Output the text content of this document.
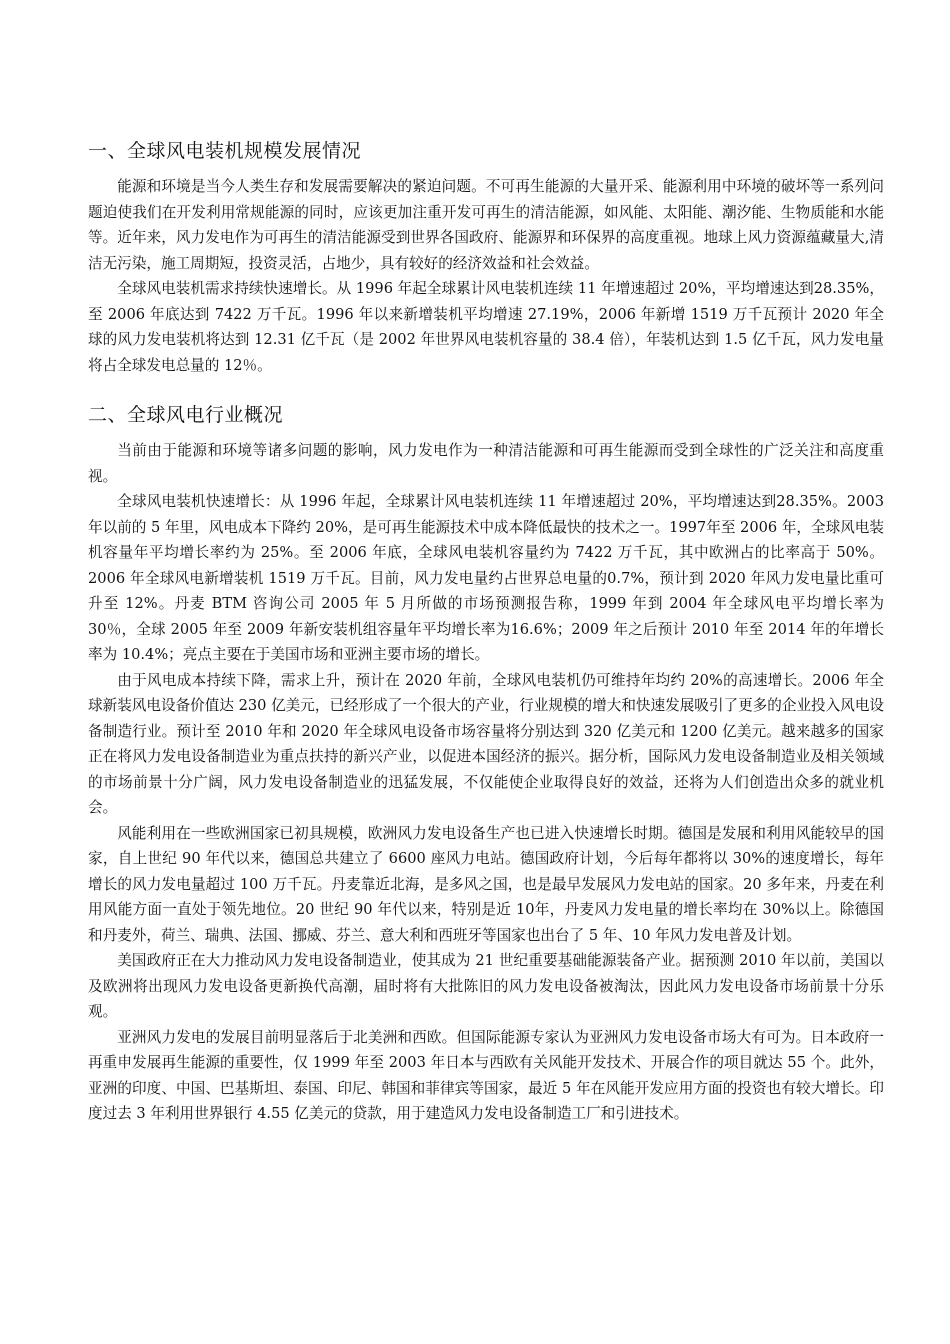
一、全球风电装机规模发展情况

能源和环境是当今人类生存和发展需要解决的紧迫问题。不可再生能源的大量开采、能源利用中环境的破坏等一系列问题迫使我们在开发利用常规能源的同时，应该更加注重开发可再生的清洁能源，如风能、太阳能、潮汐能、生物质能和水能等。近年来，风力发电作为可再生的清洁能源受到世界各国政府、能源界和环保界的高度重视。地球上风力资源蕴藏量大,清洁无污染，施工周期短，投资灵活，占地少，具有较好的经济效益和社会效益。

全球风电装机需求持续快速增长。从 1996 年起全球累计风电装机连续 11 年增速超过 20%，平均增速达到28.35%，至 2006 年底达到 7422 万千瓦。1996 年以来新增装机平均增速 27.19%，2006 年新增 1519 万千瓦预计 2020 年全球的风力发电装机将达到 12.31 亿千瓦（是 2002 年世界风电装机容量的 38.4 倍），年装机达到 1.5 亿千瓦，风力发电量将占全球发电总量的 12％。

二、全球风电行业概况

当前由于能源和环境等诸多问题的影响，风力发电作为一种清洁能源和可再生能源而受到全球性的广泛关注和高度重视。

全球风电装机快速增长：从 1996 年起，全球累计风电装机连续 11 年增速超过 20%，平均增速达到28.35%。2003 年以前的 5 年里，风电成本下降约 20%，是可再生能源技术中成本降低最快的技术之一。1997年至 2006 年，全球风电装机容量年平均增长率约为 25%。至 2006 年底，全球风电装机容量约为 7422 万千瓦，其中欧洲占的比率高于 50%。2006 年全球风电新增装机 1519 万千瓦。目前，风力发电量约占世界总电量的0.7%，预计到 2020 年风力发电量比重可升至 12%。丹麦 BTM 咨询公司 2005 年 5 月所做的市场预测报告称，1999 年到 2004 年全球风电平均增长率为 30％，全球 2005 年至 2009 年新安装机组容量年平均增长率为16.6%；2009 年之后预计 2010 年至 2014 年的年增长率为 10.4%；亮点主要在于美国市场和亚洲主要市场的增长。

由于风电成本持续下降，需求上升，预计在 2020 年前，全球风电装机仍可维持年均约 20%的高速增长。2006 年全球新装风电设备价值达 230 亿美元，已经形成了一个很大的产业，行业规模的增大和快速发展吸引了更多的企业投入风电设备制造行业。预计至 2010 年和 2020 年全球风电设备市场容量将分别达到 320 亿美元和 1200 亿美元。越来越多的国家正在将风力发电设备制造业为重点扶持的新兴产业，以促进本国经济的振兴。据分析，国际风力发电设备制造业及相关领域的市场前景十分广阔，风力发电设备制造业的迅猛发展，不仅能使企业取得良好的效益，还将为人们创造出众多的就业机会。

风能利用在一些欧洲国家已初具规模，欧洲风力发电设备生产也已进入快速增长时期。德国是发展和利用风能较早的国家，自上世纪 90 年代以来，德国总共建立了 6600 座风力电站。德国政府计划，今后每年都将以 30%的速度增长，每年增长的风力发电量超过 100 万千瓦。丹麦靠近北海，是多风之国，也是最早发展风力发电站的国家。20 多年来，丹麦在利用风能方面一直处于领先地位。20 世纪 90 年代以来，特别是近 10年，丹麦风力发电量的增长率均在 30%以上。除德国和丹麦外，荷兰、瑞典、法国、挪威、芬兰、意大利和西班牙等国家也出台了 5 年、10 年风力发电普及计划。

美国政府正在大力推动风力发电设备制造业，使其成为 21 世纪重要基础能源装备产业。据预测 2010 年以前，美国以及欧洲将出现风力发电设备更新换代高潮，届时将有大批陈旧的风力发电设备被淘汰，因此风力发电设备市场前景十分乐观。

亚洲风力发电的发展目前明显落后于北美洲和西欧。但国际能源专家认为亚洲风力发电设备市场大有可为。日本政府一再重申发展再生能源的重要性，仅 1999 年至 2003 年日本与西欧有关风能开发技术、开展合作的项目就达 55 个。此外，亚洲的印度、中国、巴基斯坦、泰国、印尼、韩国和菲律宾等国家，最近 5 年在风能开发应用方面的投资也有较大增长。印度过去 3 年利用世界银行 4.55 亿美元的贷款，用于建造风力发电设备制造工厂和引进技术。
